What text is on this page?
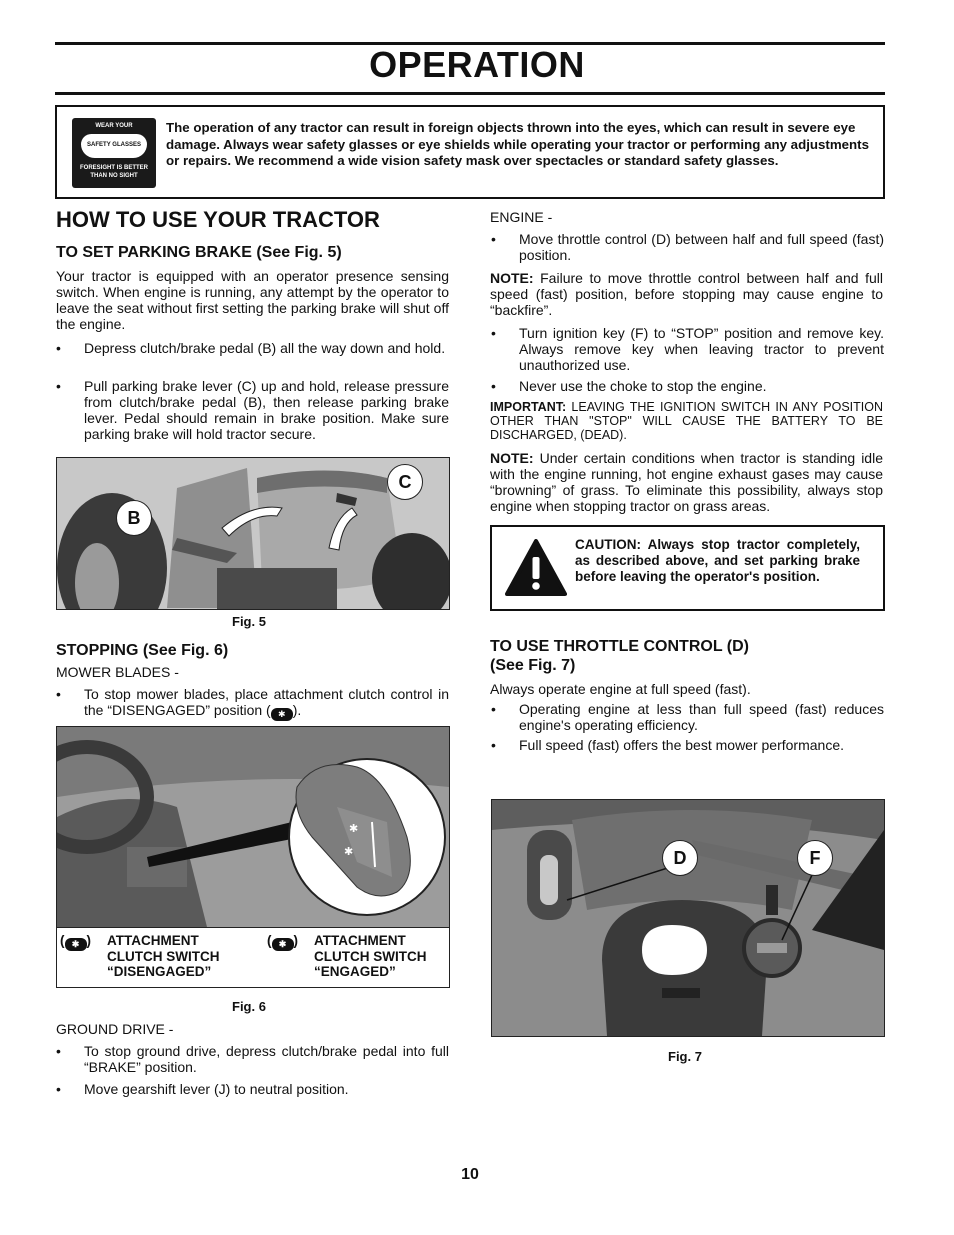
OPERATION
WEAR YOUR
SAFETY GLASSES
FORESIGHT IS BETTER
THAN NO SIGHT
The operation of any tractor can result in foreign objects thrown into the eyes, which can result in severe eye damage. Always wear safety glasses or eye shields while operating your tractor or performing any adjustments or repairs. We recommend a wide vision safety mask over spectacles or standard safety glasses.
HOW TO USE YOUR TRACTOR
TO SET PARKING BRAKE (See Fig. 5)
Your tractor is equipped with an operator presence sensing switch. When engine is running, any attempt by the operator to leave the seat without first setting the parking brake will shut off the engine.
• Depress clutch/brake pedal (B) all the way down and hold.
• Pull parking brake lever (C) up and hold, release pressure from clutch/brake pedal (B), then release parking brake lever. Pedal should remain in brake position. Make sure parking brake will hold tractor secure.
B
C
Fig. 5
STOPPING (See Fig. 6)
MOWER BLADES -
• To stop mower blades, place attachment clutch control in the “DISENGAGED” position ( ✱ ).
✱
✱
( ✱ ) ATTACHMENT
CLUTCH SWITCH
“DISENGAGED”
( ✱ ) ATTACHMENT
CLUTCH SWITCH
“ENGAGED”
Fig. 6
GROUND DRIVE -
• To stop ground drive, depress clutch/brake pedal into full “BRAKE” position.
• Move gearshift lever (J) to neutral position.
ENGINE -
• Move throttle control (D) between half and full speed (fast) position.
NOTE: Failure to move throttle control between half and full speed (fast) position, before stopping may cause engine to “backfire”.
• Turn ignition key (F) to “STOP” position and remove key. Always remove key when leaving tractor to prevent unauthorized use.
• Never use the choke to stop the engine.
IMPORTANT: LEAVING THE IGNITION SWITCH IN ANY POSITION OTHER THAN "STOP" WILL CAUSE THE BATTERY TO BE DISCHARGED, (DEAD).
NOTE: Under certain conditions when tractor is standing idle with the engine running, hot engine exhaust gases may cause “browning” of grass. To eliminate this possibility, always stop engine when stopping tractor on grass areas.
CAUTION: Always stop tractor completely, as described above, and set parking brake before leaving the operator's position.
TO USE THROTTLE CONTROL (D)
(See Fig. 7)
Always operate engine at full speed (fast).
• Operating engine at less than full speed (fast) reduces engine's operating efficiency.
• Full speed (fast) offers the best mower performance.
D	F
Fig. 7
10
